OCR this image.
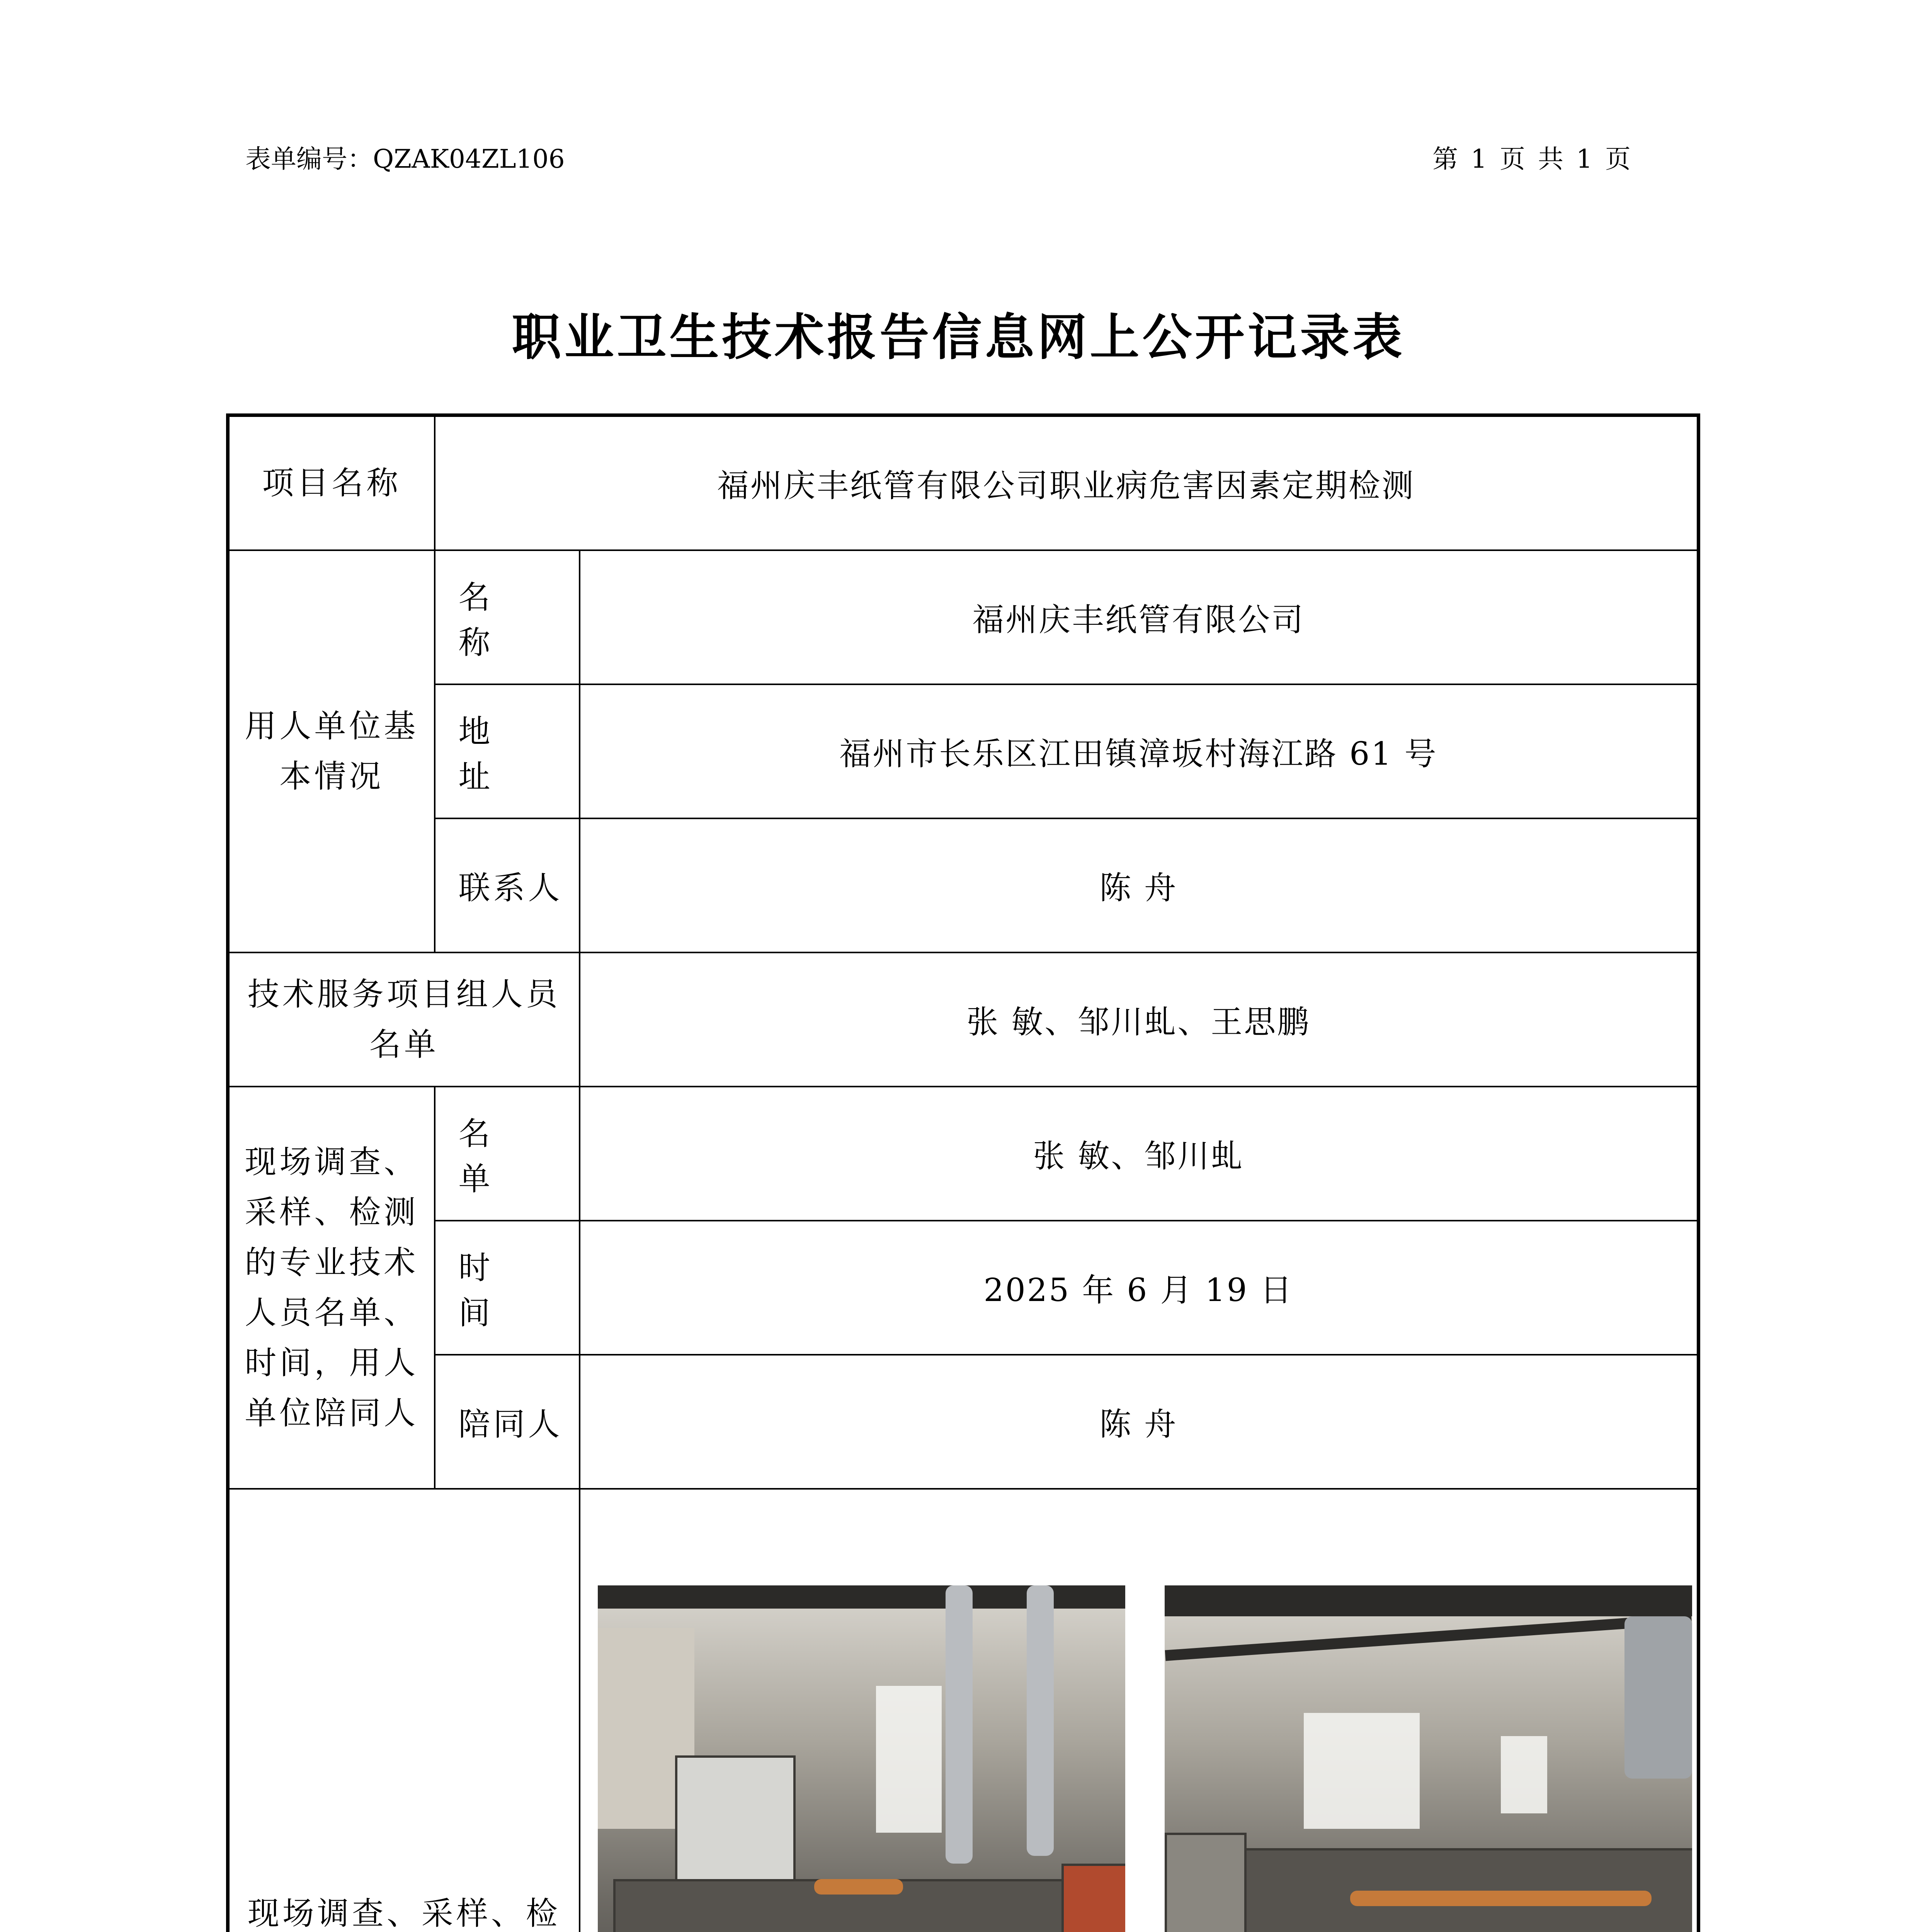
表单编号：QZAK04ZL106	第 1 页 共 1 页
职业卫生技术报告信息网上公开记录表
项目名称	福州庆丰纸管有限公司职业病危害因素定期检测	
用人单位基本情况	名 称	福州庆丰纸管有限公司
	地 址	福州市长乐区江田镇漳坂村海江路 61 号
	联系人	陈 舟
技术服务项目组人员名单		张 敏、邹川虬、王思鹏
现场调查、采样、检测的专业技术人员名单、时间，用人单位陪同人	名 单	张 敏、邹川虬
	时 间	2025 年 6 月 19 日
	陪同人	陈 舟
现场调查、采样、检		
